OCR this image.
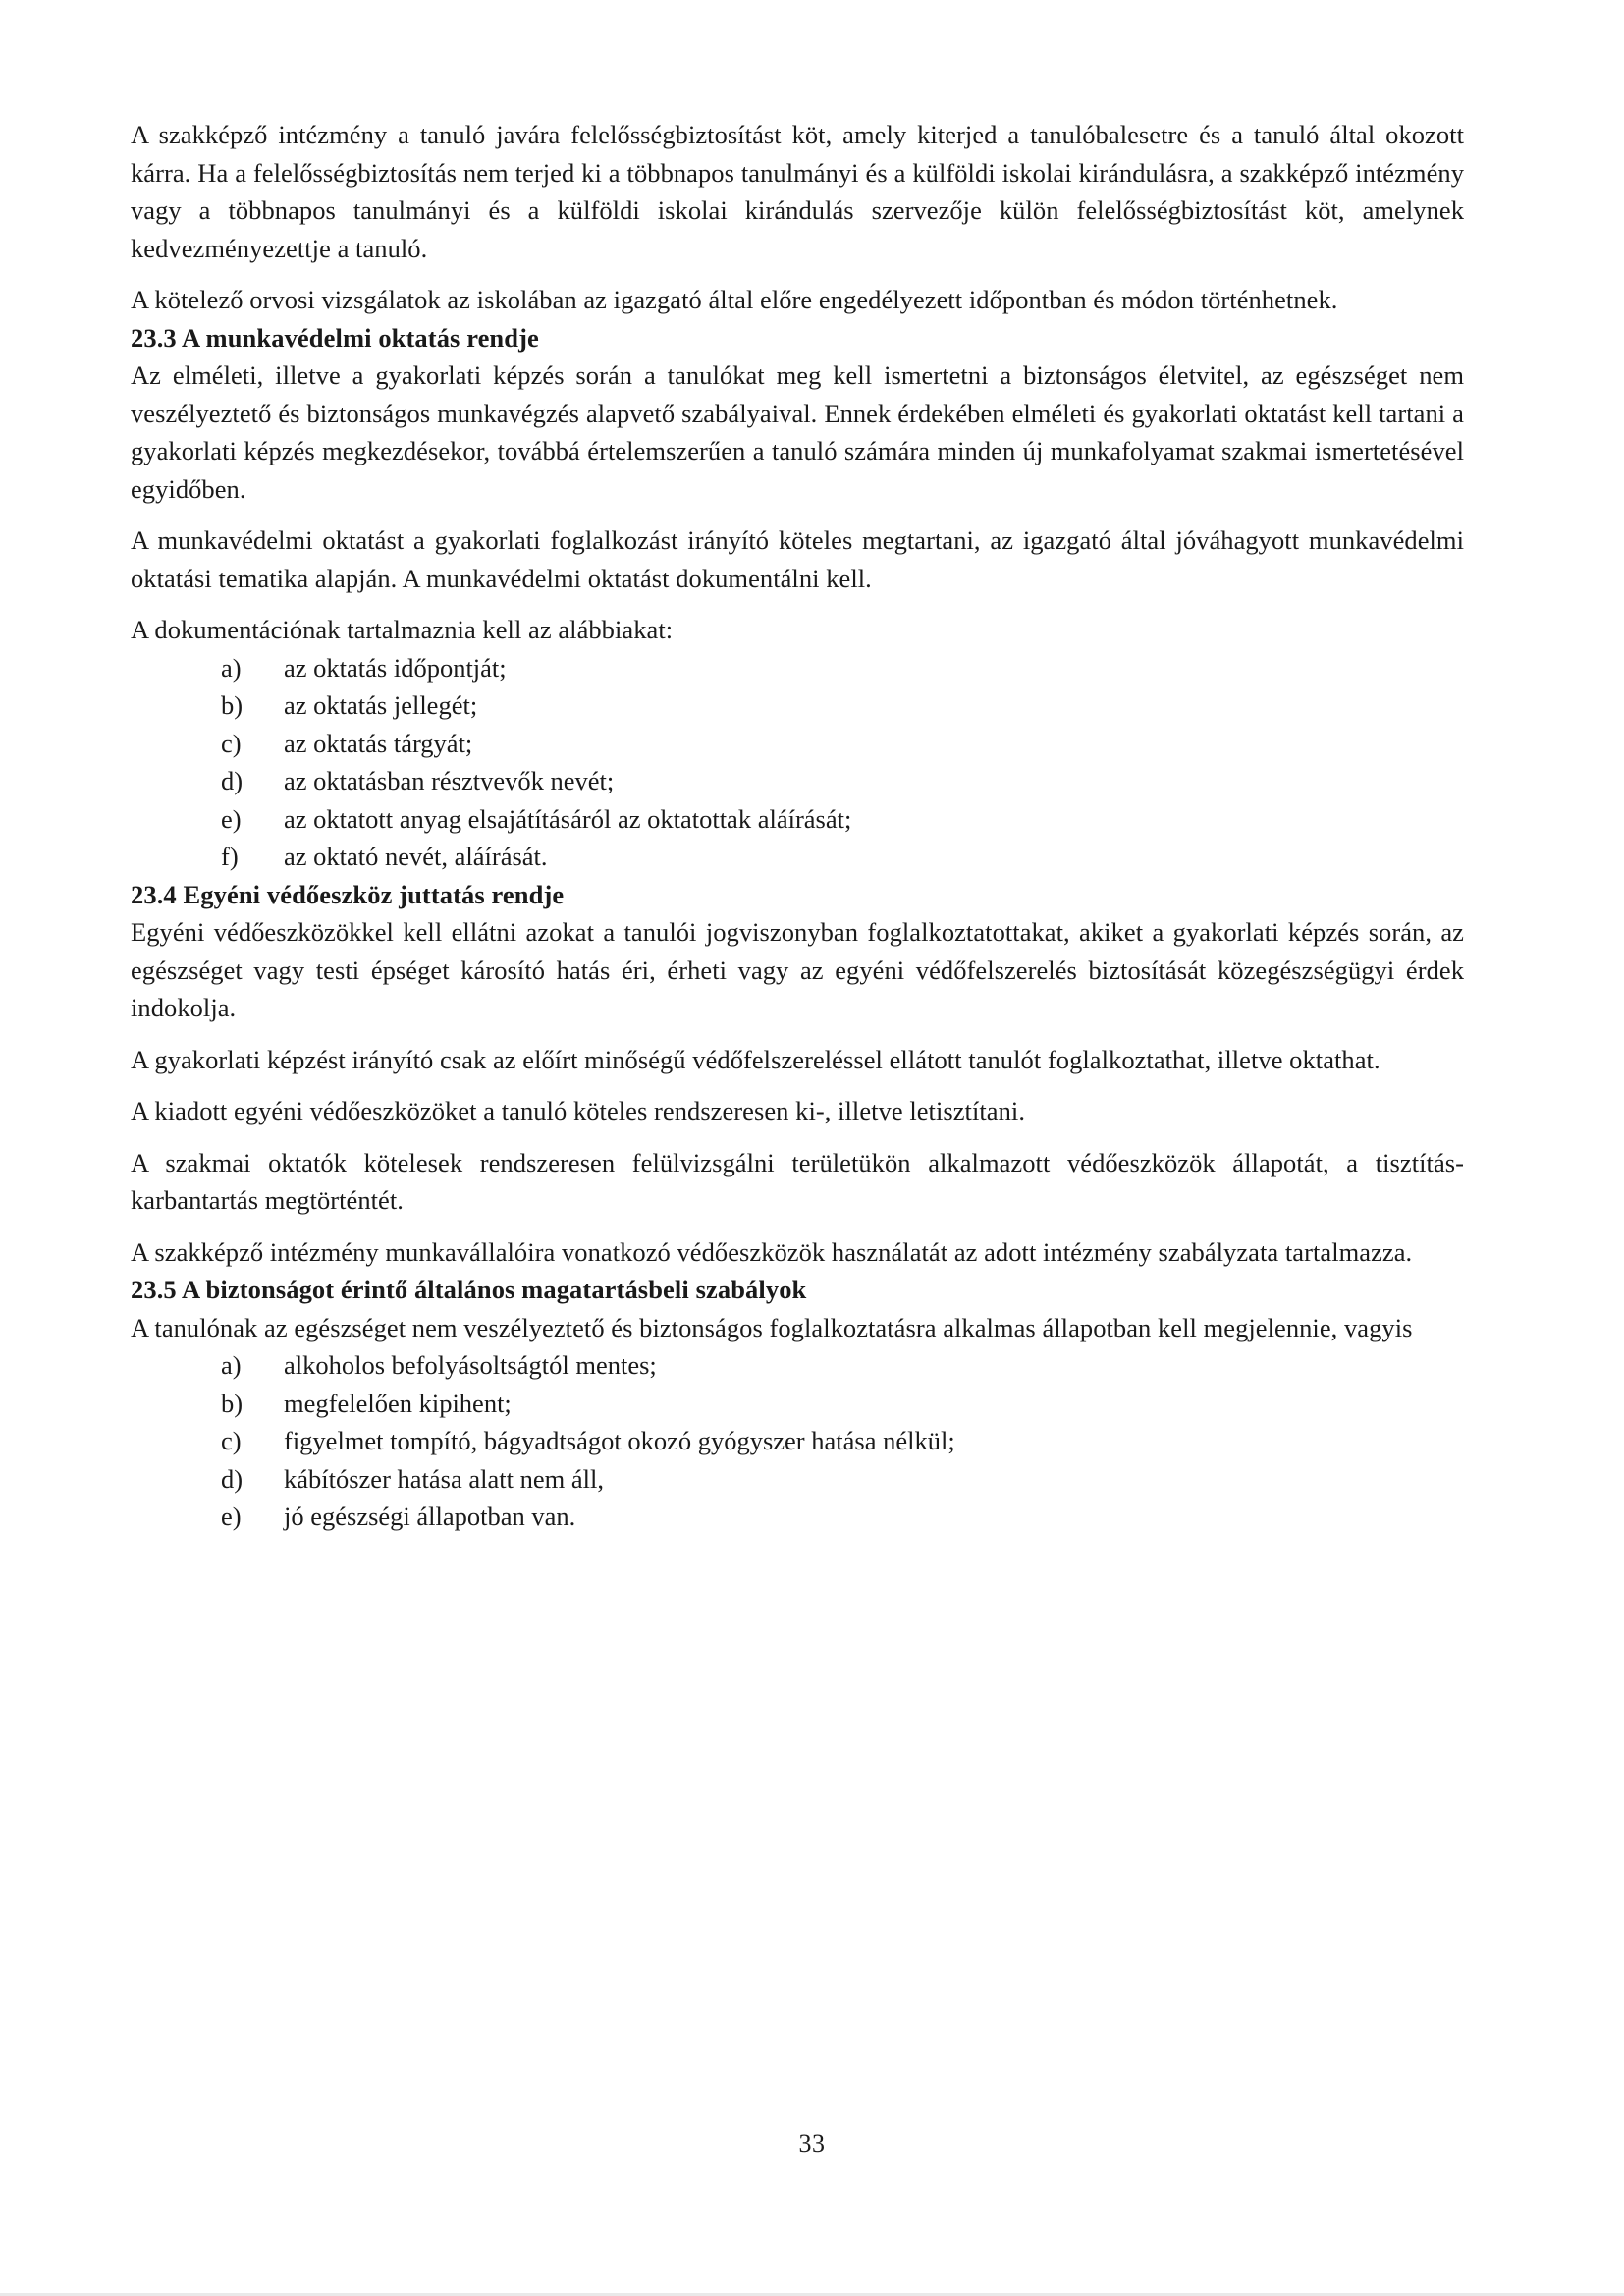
A szakképző intézmény a tanuló javára felelősségbiztosítást köt, amely kiterjed a tanulóbalesetre és a tanuló által okozott kárra. Ha a felelősségbiztosítás nem terjed ki a többnapos tanulmányi és a külföldi iskolai kirándulásra, a szakképző intézmény vagy a többnapos tanulmányi és a külföldi iskolai kirándulás szervezője külön felelősségbiztosítást köt, amelynek kedvezményezettje a tanuló.

A kötelező orvosi vizsgálatok az iskolában az igazgató által előre engedélyezett időpontban és módon történhetnek.

23.3 A munkavédelmi oktatás rendje

Az elméleti, illetve a gyakorlati képzés során a tanulókat meg kell ismertetni a biztonságos életvitel, az egészséget nem veszélyeztető és biztonságos munkavégzés alapvető szabályaival. Ennek érdekében elméleti és gyakorlati oktatást kell tartani a gyakorlati képzés megkezdésekor, továbbá értelemszerűen a tanuló számára minden új munkafolyamat szakmai ismertetésével egyidőben.

A munkavédelmi oktatást a gyakorlati foglalkozást irányító köteles megtartani, az igazgató által jóváhagyott munkavédelmi oktatási tematika alapján. A munkavédelmi oktatást dokumentálni kell.

A dokumentációnak tartalmaznia kell az alábbiakat:

a)	az oktatás időpontját;
b)	az oktatás jellegét;
c)	az oktatás tárgyát;
d)	az oktatásban résztvevők nevét;
e)	az oktatott anyag elsajátításáról az oktatottak aláírását;
f)	az oktató nevét, aláírását.
23.4 Egyéni védőeszköz juttatás rendje

Egyéni védőeszközökkel kell ellátni azokat a tanulói jogviszonyban foglalkoztatottakat, akiket a gyakorlati képzés során, az egészséget vagy testi épséget károsító hatás éri, érheti vagy az egyéni védőfelszerelés biztosítását közegészségügyi érdek indokolja.

A gyakorlati képzést irányító csak az előírt minőségű védőfelszereléssel ellátott tanulót foglalkoztathat, illetve oktathat.

A kiadott egyéni védőeszközöket a tanuló köteles rendszeresen ki-, illetve letisztítani.

A szakmai oktatók kötelesek rendszeresen felülvizsgálni területükön alkalmazott védőeszközök állapotát, a tisztítás-karbantartás megtörténtét.

A szakképző intézmény munkavállalóira vonatkozó védőeszközök használatát az adott intézmény szabályzata tartalmazza.

23.5 A biztonságot érintő általános magatartásbeli szabályok

A tanulónak az egészséget nem veszélyeztető és biztonságos foglalkoztatásra alkalmas állapotban kell megjelennie, vagyis

a)	alkoholos befolyásoltságtól mentes;
b)	megfelelően kipihent;
c)	figyelmet tompító, bágyadtságot okozó gyógyszer hatása nélkül;
d)	kábítószer hatása alatt nem áll,
e)	jó egészségi állapotban van.
33
